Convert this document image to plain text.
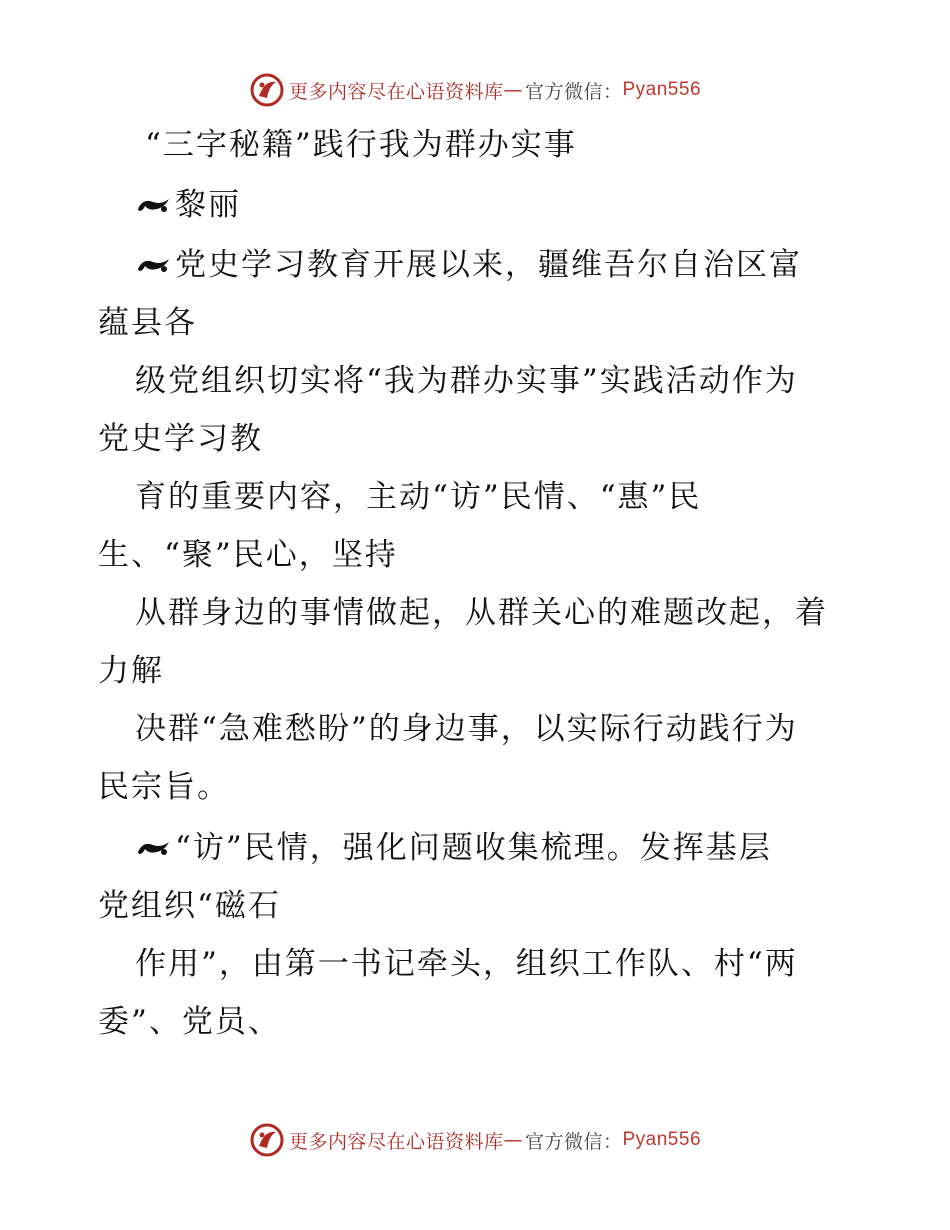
更多内容尽在心语资料库 — 官方微信： Pyan556
“三字秘籍”践行我为群办实事
黎丽
党史学习教育开展以来，疆维吾尔自治区富
蕴县各
级党组织切实将“我为群办实事”实践活动作为
党史学习教
育的重要内容，主动“访”民情、“惠”民
生、“聚”民心，坚持
从群身边的事情做起，从群关心的难题改起，着
力解
决群“急难愁盼”的身边事，以实际行动践行为
民宗旨。
“访”民情，强化问题收集梳理。发挥基层
党组织“磁石
作用”，由第一书记牵头，组织工作队、村“两
委”、党员、
更多内容尽在心语资料库 — 官方微信： Pyan556
